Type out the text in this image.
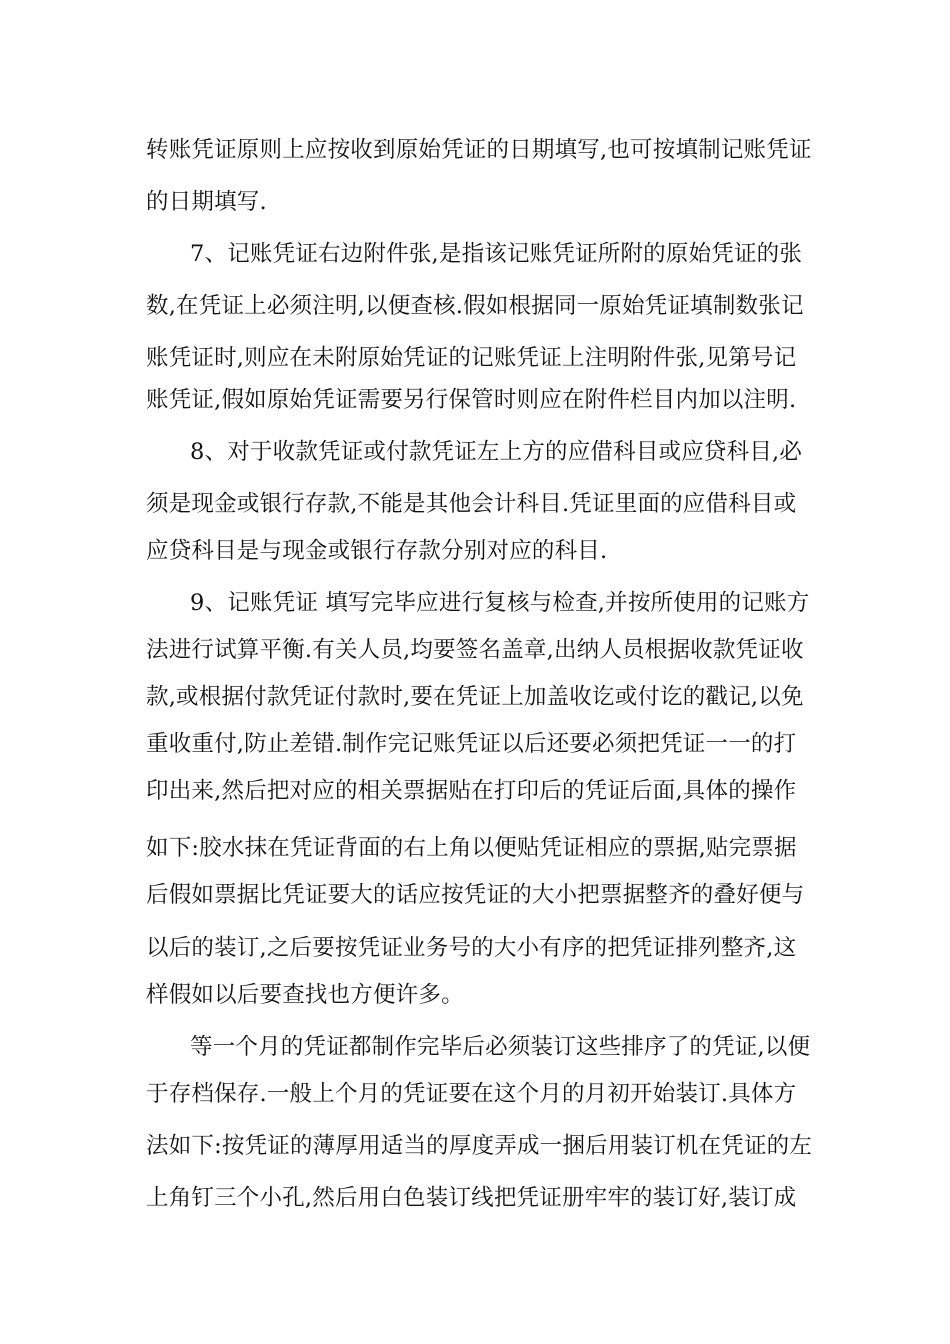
转账凭证原则上应按收到原始凭证的日期填写,也可按填制记账凭证
的日期填写.
7、记账凭证右边附件张,是指该记账凭证所附的原始凭证的张
数,在凭证上必须注明,以便查核.假如根据同一原始凭证填制数张记
账凭证时,则应在未附原始凭证的记账凭证上注明附件张,见第号记
账凭证,假如原始凭证需要另行保管时则应在附件栏目内加以注明.
8、对于收款凭证或付款凭证左上方的应借科目或应贷科目,必
须是现金或银行存款,不能是其他会计科目.凭证里面的应借科目或
应贷科目是与现金或银行存款分别对应的科目.
9、记账凭证 填写完毕应进行复核与检查,并按所使用的记账方
法进行试算平衡.有关人员,均要签名盖章,出纳人员根据收款凭证收
款,或根据付款凭证付款时,要在凭证上加盖收讫或付讫的戳记,以免
重收重付,防止差错.制作完记账凭证以后还要必须把凭证一一的打
印出来,然后把对应的相关票据贴在打印后的凭证后面,具体的操作
如下:胶水抹在凭证背面的右上角以便贴凭证相应的票据,贴完票据
后假如票据比凭证要大的话应按凭证的大小把票据整齐的叠好便与
以后的装订,之后要按凭证业务号的大小有序的把凭证排列整齐,这
样假如以后要查找也方便许多。
等一个月的凭证都制作完毕后必须装订这些排序了的凭证,以便
于存档保存.一般上个月的凭证要在这个月的月初开始装订.具体方
法如下:按凭证的薄厚用适当的厚度弄成一捆后用装订机在凭证的左
上角钉三个小孔,然后用白色装订线把凭证册牢牢的装订好,装订成
